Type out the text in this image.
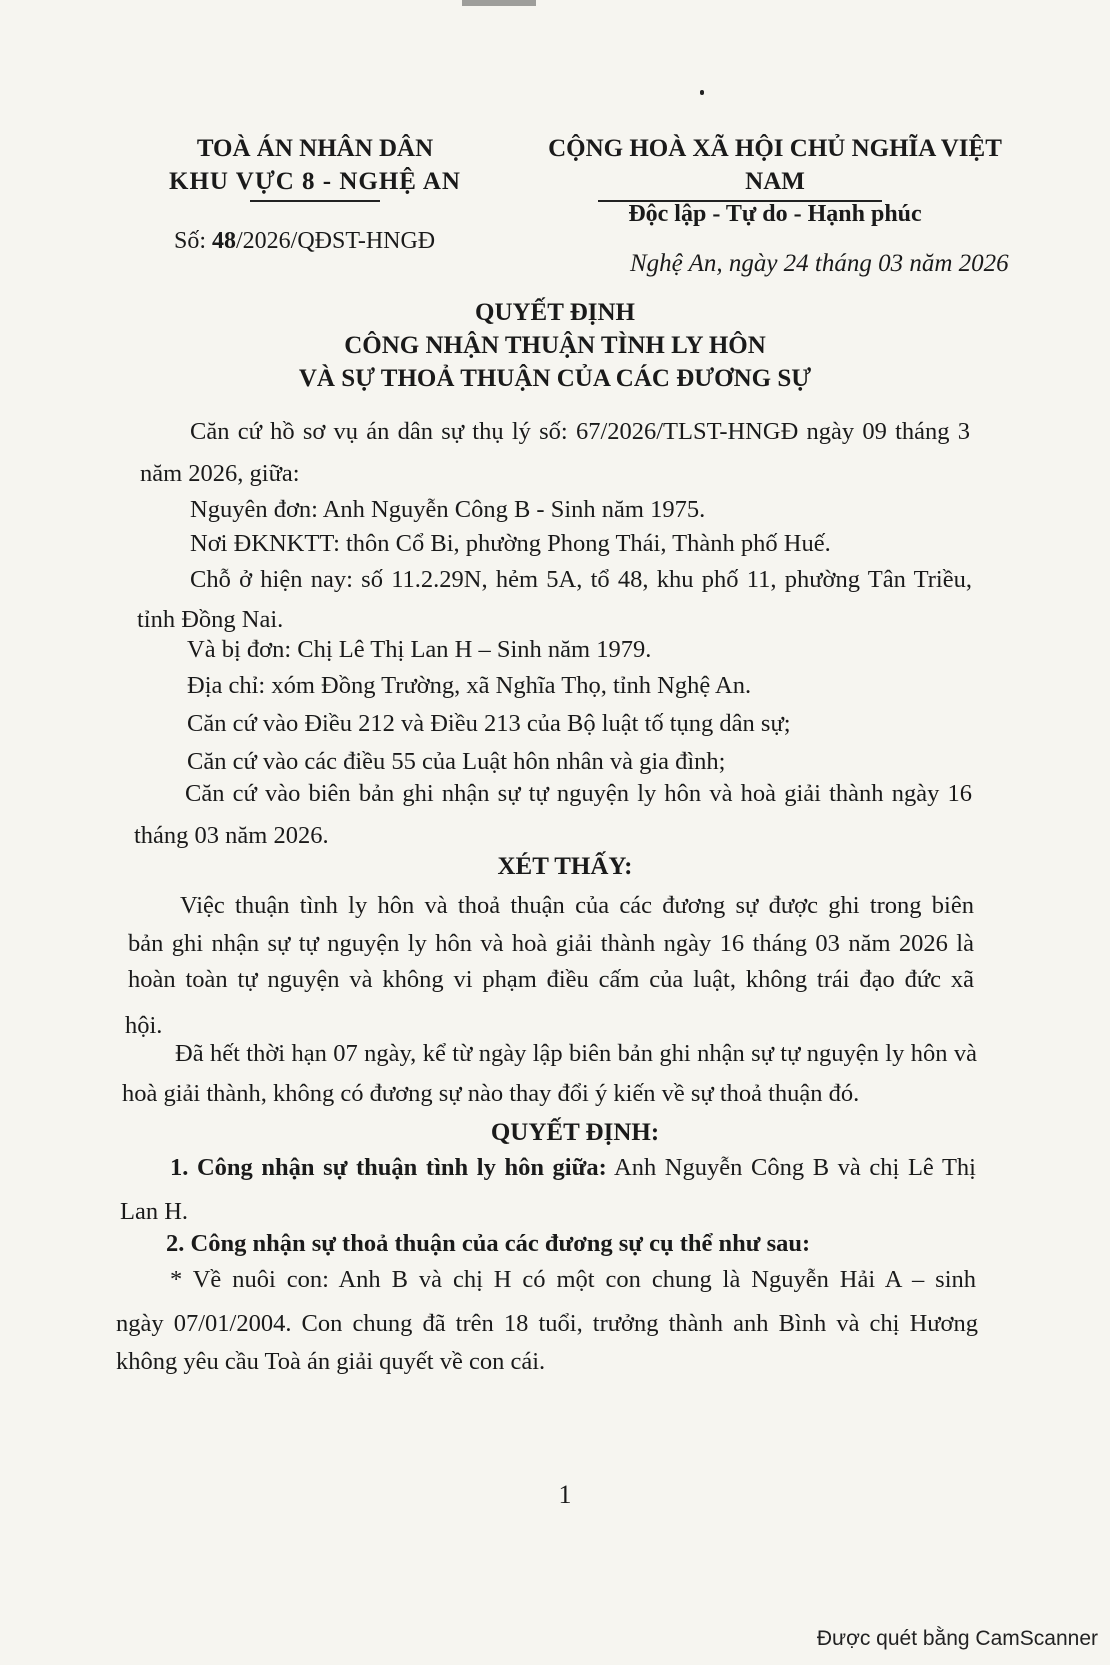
TOÀ ÁN NHÂN DÂN
KHU VỰC 8 - NGHỆ AN
CỘNG HOÀ XÃ HỘI CHỦ NGHĨA VIỆT NAM
Độc lập - Tự do - Hạnh phúc
Số: 48/2026/QĐST-HNGĐ
Nghệ An, ngày 24 tháng 03 năm 2026
QUYẾT ĐỊNH
CÔNG NHẬN THUẬN TÌNH LY HÔN
VÀ SỰ THOẢ THUẬN CỦA CÁC ĐƯƠNG SỰ
Căn cứ hồ sơ vụ án dân sự thụ lý số: 67/2026/TLST-HNGĐ ngày 09 tháng 3
năm 2026, giữa:
Nguyên đơn: Anh Nguyễn Công B - Sinh năm 1975.
Nơi ĐKNKTT: thôn Cổ Bi, phường Phong Thái, Thành phố Huế.
Chỗ ở hiện nay: số 11.2.29N, hẻm 5A, tổ 48, khu phố 11, phường Tân Triều,
tỉnh Đồng Nai.
Và bị đơn: Chị Lê Thị Lan H – Sinh năm 1979.
Địa chỉ: xóm Đồng Trường, xã Nghĩa Thọ, tỉnh Nghệ An.
Căn cứ vào Điều 212 và Điều 213 của Bộ luật tố tụng dân sự;
Căn cứ vào các điều 55 của Luật hôn nhân và gia đình;
Căn cứ vào biên bản ghi nhận sự tự nguyện ly hôn và hoà giải thành ngày 16
tháng 03 năm 2026.
XÉT THẤY:
Việc thuận tình ly hôn và thoả thuận của các đương sự được ghi trong biên
bản ghi nhận sự tự nguyện ly hôn và hoà giải thành ngày 16 tháng 03 năm 2026 là
hoàn toàn tự nguyện và không vi phạm điều cấm của luật, không trái đạo đức xã
hội.
Đã hết thời hạn 07 ngày, kể từ ngày lập biên bản ghi nhận sự tự nguyện ly hôn và
hoà giải thành, không có đương sự nào thay đổi ý kiến về sự thoả thuận đó.
QUYẾT ĐỊNH:
1. Công nhận sự thuận tình ly hôn giữa: Anh Nguyễn Công B và chị Lê Thị
Lan H.
2. Công nhận sự thoả thuận của các đương sự cụ thể như sau:
* Về nuôi con: Anh B và chị H có một con chung là Nguyễn Hải A – sinh
ngày 07/01/2004. Con chung đã trên 18 tuổi, trưởng thành anh Bình và chị Hương
không yêu cầu Toà án giải quyết về con cái.
1
Được quét bằng CamScanner
